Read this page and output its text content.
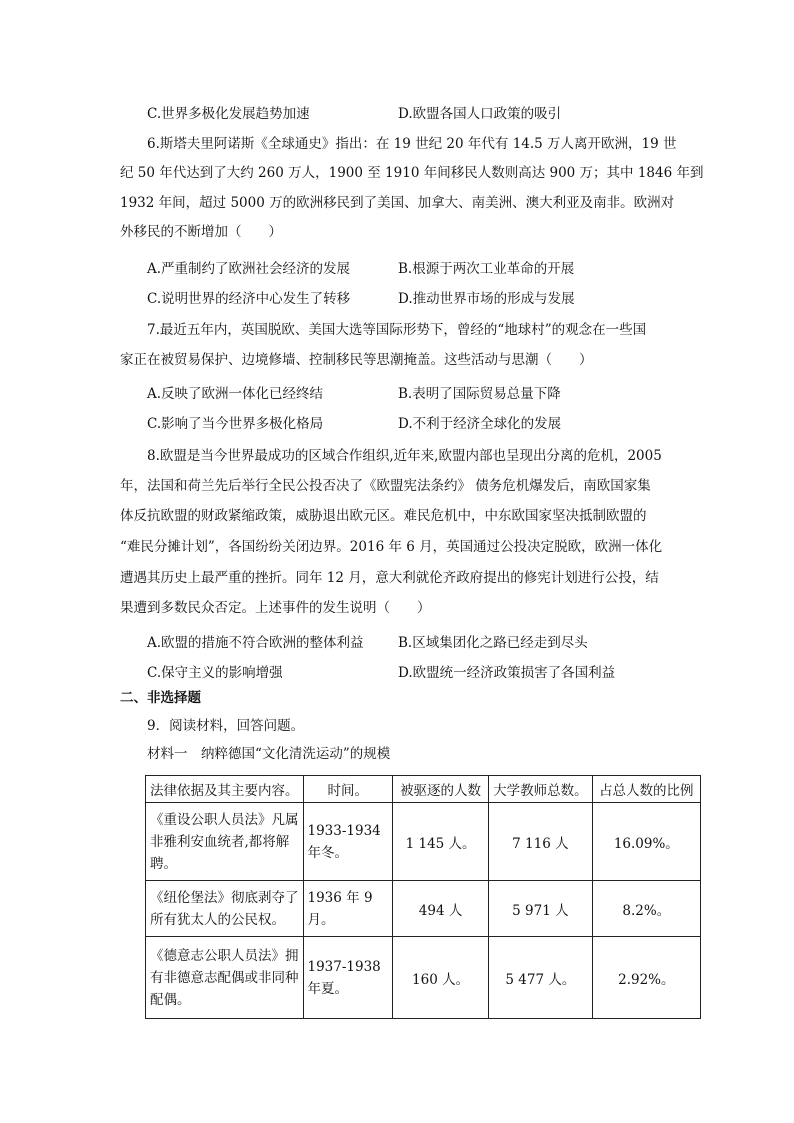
C.世界多极化发展趋势加速	D.欧盟各国人口政策的吸引
6.斯塔夫里阿诺斯《全球通史》指出：在 19 世纪 20 年代有 14.5 万人离开欧洲，19 世
纪 50 年代达到了大约 260 万人，1900 至 1910 年间移民人数则高达 900 万；其中 1846 年到
1932 年间，超过 5000 万的欧洲移民到了美国、加拿大、南美洲、澳大利亚及南非。欧洲对
外移民的不断增加（　　）
A.严重制约了欧洲社会经济的发展	B.根源于两次工业革命的开展
C.说明世界的经济中心发生了转移	D.推动世界市场的形成与发展
7.最近五年内，英国脱欧、美国大选等国际形势下，曾经的“地球村”的观念在一些国
家正在被贸易保护、边境修墙、控制移民等思潮掩盖。这些活动与思潮（　　）
A.反映了欧洲一体化已经终结	B.表明了国际贸易总量下降
C.影响了当今世界多极化格局	D.不利于经济全球化的发展
8.欧盟是当今世界最成功的区域合作组织,近年来,欧盟内部也呈现出分离的危机，2005
年，法国和荷兰先后举行全民公投否决了《欧盟宪法条约》 债务危机爆发后，南欧国家集
体反抗欧盟的财政紧缩政策，威胁退出欧元区。难民危机中，中东欧国家坚决抵制欧盟的
“难民分摊计划”，各国纷纷关闭边界。2016 年 6 月，英国通过公投决定脱欧，欧洲一体化
遭遇其历史上最严重的挫折。同年 12 月，意大利就伦齐政府提出的修宪计划进行公投，结
果遭到多数民众否定。上述事件的发生说明（　　）
A.欧盟的措施不符合欧洲的整体利益	B.区域集团化之路已经走到尽头
C.保守主义的影响增强	D.欧盟统一经济政策损害了各国利益
二、非选择题
9．阅读材料，回答问题。
材料一　纳粹德国“文化清洗运动”的规模
法律依据及其主要内容。	时间。	被驱逐的人数	大学教师总数。	占总人数的比例
《重设公职人员法》凡属非雅利安血统者,都将解聘。	1933-1934 年冬。	1 145 人。	7 116 人	16.09%。
《纽伦堡法》彻底剥夺了所有犹太人的公民权。	1936 年 9 月。	494 人	5 971 人	8.2%。
《德意志公职人员法》拥有非德意志配偶或非同种配偶。	1937-1938 年夏。	160 人。	5 477 人。	2.92%。
